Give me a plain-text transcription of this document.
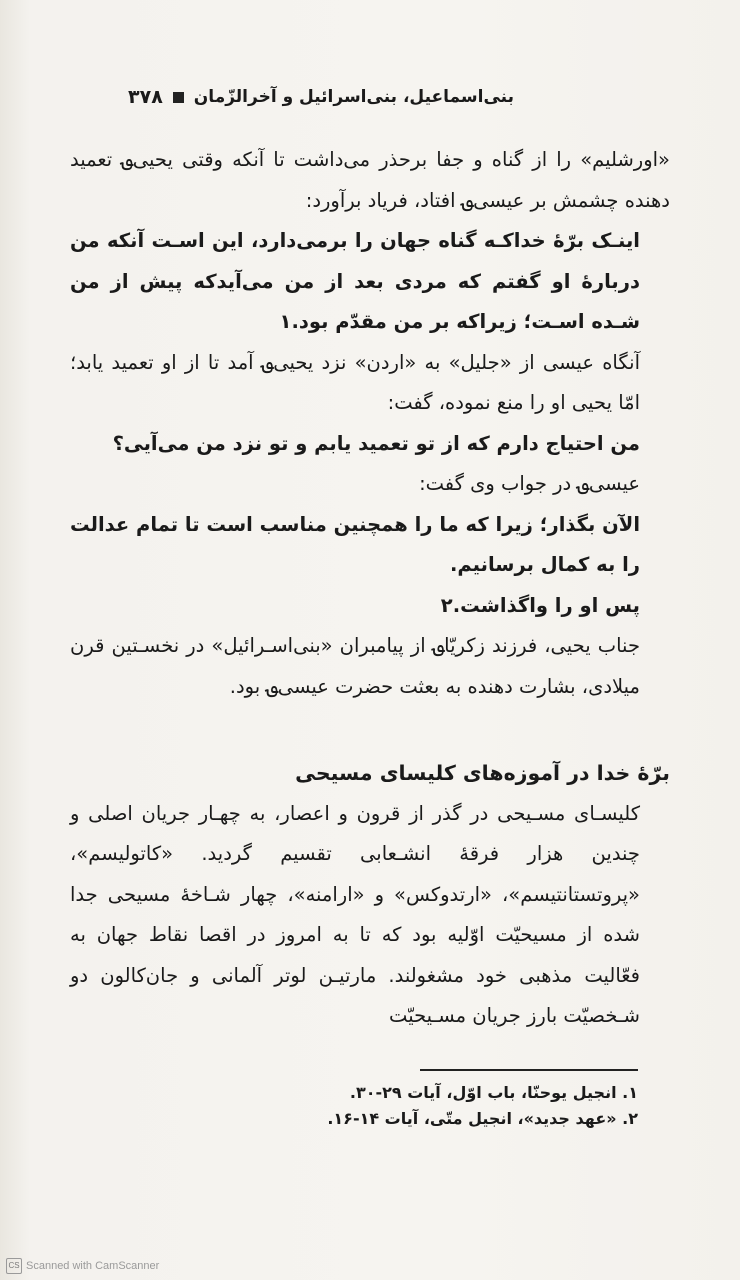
۳۷۸ بنی‌اسماعیل، بنی‌اسرائیل و آخرالزّمان

«اورشلیم» را از گناه و جفا برحذر می‌داشت تا آنکه وقتی یحیی‌؈ تعمید دهنده چشمش بر عیسی‌؈ افتاد، فریاد برآورد:

اینـک برّهٔ خداکـه گناه جهان را برمی‌دارد، این اسـت آنکه من دربارهٔ او گفتم که مردی بعد از من می‌آیدکه پیش از من شـده اسـت؛ زیراکه بر من مقدّم بود.۱

آنگاه عیسی از «جلیل» به «اردن» نزد یحیی؈ آمد تا از او تعمید یابد؛ امّا یحیی او را منع نموده، گفت:

من احتیاج دارم که از تو تعمید یابم و تو نزد من می‌آیی؟

عیسی؈ در جواب وی گفت:

الآن بگذار؛ زیرا که ما را همچنین مناسب است تا تمام عدالت را به کمال برسانیم.

پس او را واگذاشت.۲

جناب یحیی، فرزند زکریّا؈ از پیامبران «بنی‌اسـرائیل» در نخسـتین قرن میلادی، بشارت دهنده به بعثت حضرت عیسی؈ بود.

برّهٔ خدا در آموزه‌های کلیسای مسیحی

کلیسـای مسـیحی در گذر از قرون و اعصار، به چهـار جریان اصلی و چندین هزار فرقهٔ انشـعابی تقسیم گردید. «کاتولیسم»، «پروتستانتیسم»، «ارتدوکس» و «ارامنه»، چهار شـاخهٔ مسیحی جدا شده از مسیحیّت اوّلیه بود که تا به امروز در اقصا نقاط جهان به فعّالیت مذهبی خود مشغولند. مارتیـن لوتر آلمانی و جان‌کالون دو شـخصیّت بارز جریان مسـیحیّت

۱. انجیل یوحنّا، باب اوّل، آیات ۲۹-۳۰.

۲. «عهد جدید»، انجیل متّی، آیات ۱۴-۱۶.

CS Scanned with CamScanner
